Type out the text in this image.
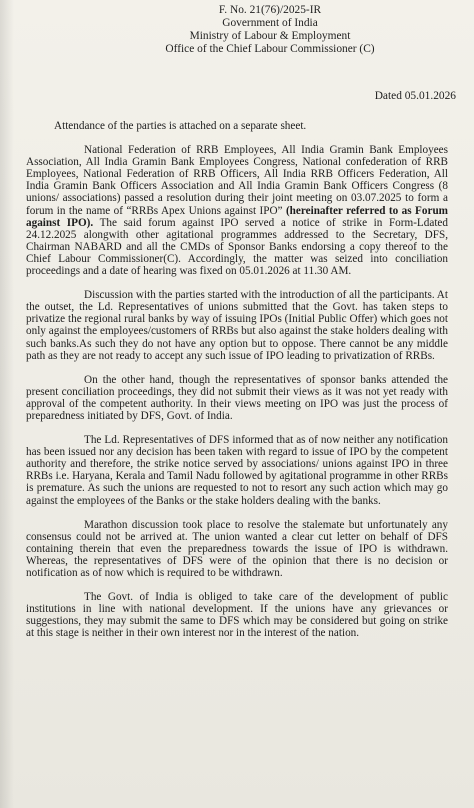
F. No. 21(76)/2025-IR
Government of India
Ministry of Labour & Employment
Office of the Chief Labour Commissioner (C)
Dated 05.01.2026

Attendance of the parties is attached on a separate sheet.

National Federation of RRB Employees, All India Gramin Bank Employees Association, All India Gramin Bank Employees Congress, National confederation of RRB Employees, National Federation of RRB Officers, All India RRB Officers Federation, All India Gramin Bank Officers Association and All India Gramin Bank Officers Congress (8 unions/ associations) passed a resolution during their joint meeting on 03.07.2025 to form a forum in the name of “RRBs Apex Unions against IPO” (hereinafter referred to as Forum against IPO). The said forum against IPO served a notice of strike in Form-Ldated 24.12.2025 alongwith other agitational programmes addressed to the Secretary, DFS, Chairman NABARD and all the CMDs of Sponsor Banks endorsing a copy thereof to the Chief Labour Commissioner(C). Accordingly, the matter was seized into conciliation proceedings and a date of hearing was fixed on 05.01.2026 at 11.30 AM.

Discussion with the parties started with the introduction of all the participants. At the outset, the Ld. Representatives of unions submitted that the Govt. has taken steps to privatize the regional rural banks by way of issuing IPOs (Initial Public Offer) which goes not only against the employees/customers of RRBs but also against the stake holders dealing with such banks.As such they do not have any option but to oppose. There cannot be any middle path as they are not ready to accept any such issue of IPO leading to privatization of RRBs.

On the other hand, though the representatives of sponsor banks attended the present conciliation proceedings, they did not submit their views as it was not yet ready with approval of the competent authority. In their views meeting on IPO was just the process of preparedness initiated by DFS, Govt. of India.

The Ld. Representatives of DFS informed that as of now neither any notification has been issued nor any decision has been taken with regard to issue of IPO by the competent authority and therefore, the strike notice served by associations/ unions against IPO in three RRBs i.e. Haryana, Kerala and Tamil Nadu followed by agitational programme in other RRBs is premature. As such the unions are requested to not to resort any such action which may go against the employees of the Banks or the stake holders dealing with the banks.

Marathon discussion took place to resolve the stalemate but unfortunately any consensus could not be arrived at. The union wanted a clear cut letter on behalf of DFS containing therein that even the preparedness towards the issue of IPO is withdrawn. Whereas, the representatives of DFS were of the opinion that there is no decision or notification as of now which is required to be withdrawn.

The Govt. of India is obliged to take care of the development of public institutions in line with national development. If the unions have any grievances or suggestions, they may submit the same to DFS which may be considered but going on strike at this stage is neither in their own interest nor in the interest of the nation.
